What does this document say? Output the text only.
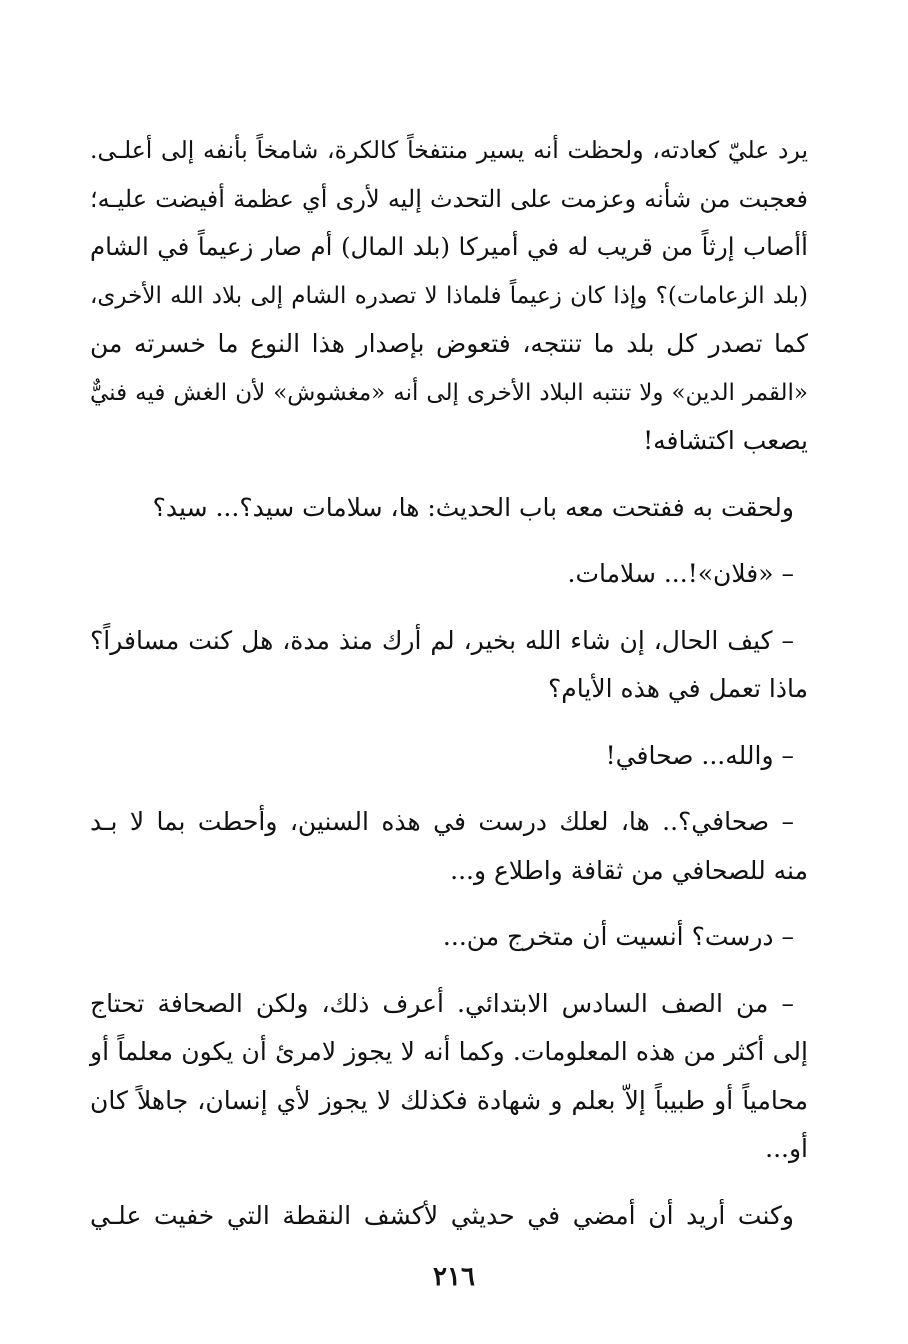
يرد عليّ كعادته، ولحظت أنه يسير منتفخاً كالكرة، شامخاً بأنفه إلى أعلـى.
فعجبت من شأنه وعزمت على التحدث إليه لأرى أي عظمة أفيضت عليـه؛
أأصاب إرثاً من قريب له في أميركا (بلد المال) أم صار زعيماً في الشام
(بلد الزعامات)؟ وإذا كان زعيماً فلماذا لا تصدره الشام إلى بلاد الله الأخرى،
كما تصدر كل بلد ما تنتجه، فتعوض بإصدار هذا النوع ما خسرته من
«القمر الدين» ولا تنتبه البلاد الأخرى إلى أنه «مغشوش» لأن الغش فيه فنيٌّ
يصعب اكتشافه!
ولحقت به ففتحت معه باب الحديث: ها، سلامات سيد؟... سيد؟
– «فلان»!... سلامات.
– كيف الحال، إن شاء الله بخير، لم أرك منذ مدة، هل كنت مسافراً؟
ماذا تعمل في هذه الأيام؟
– والله... صحافي!
– صحافي؟.. ها، لعلك درست في هذه السنين، وأحطت بما لا بـد
منه للصحافي من ثقافة واطلاع و...
– درست؟ أنسيت أن متخرج من...
– من الصف السادس الابتدائي. أعرف ذلك، ولكن الصحافة تحتاج
إلى أكثر من هذه المعلومات. وكما أنه لا يجوز لامرئ أن يكون معلماً أو
محامياً أو طبيباً إلاّ بعلم و شهادة فكذلك لا يجوز لأي إنسان، جاهلاً كان
أو...
وكنت أريد أن أمضي في حديثي لأكشف النقطة التي خفيت علـي
٢١٦
